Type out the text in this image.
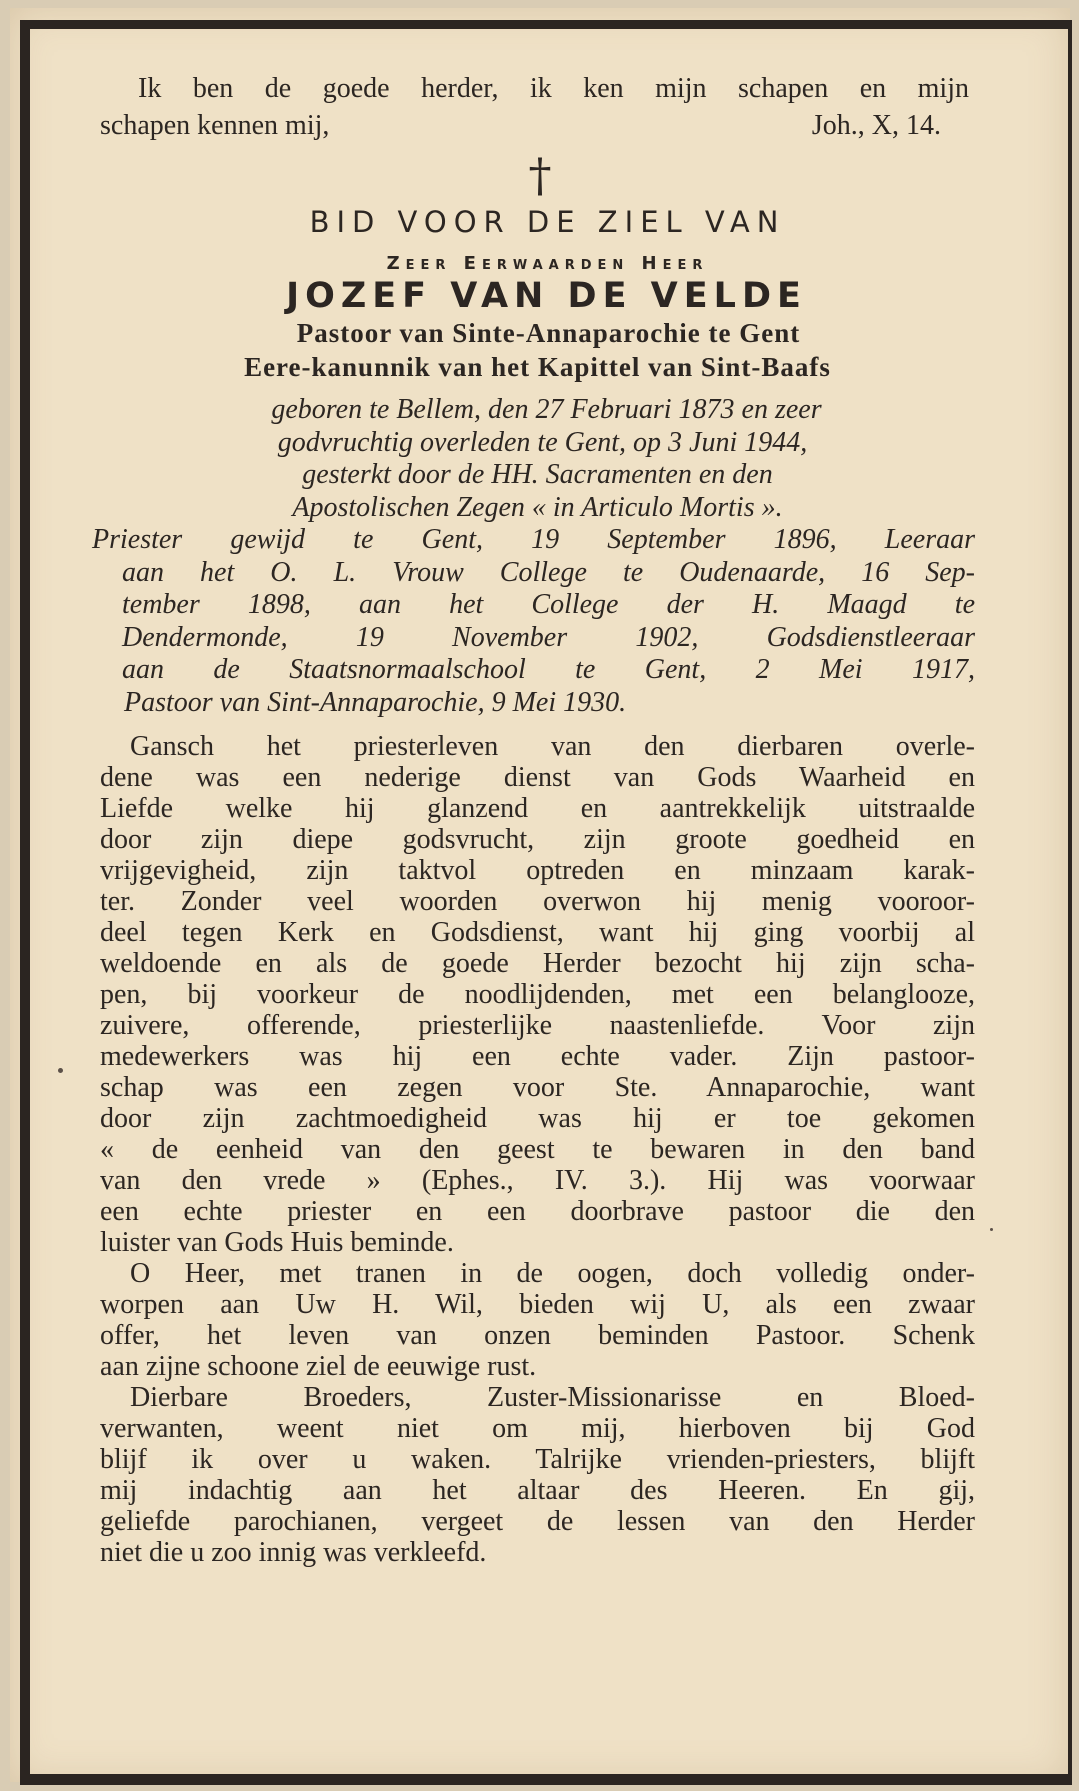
Ik ben de goede herder, ik ken mijn schapen en mijn
schapen kennen mij,	Joh., X, 14.
†
BID VOOR DE ZIEL VAN
Zeer Eerwaarden Heer
JOZEF VAN DE VELDE
Pastoor van Sinte-Annaparochie te Gent
Eere-kanunnik van het Kapittel van Sint-Baafs
geboren te Bellem, den 27 Februari 1873 en zeer
godvruchtig overleden te Gent, op 3 Juni 1944,
gesterkt door de HH. Sacramenten en den
Apostolischen Zegen « in Articulo Mortis ».
Priester gewijd te Gent, 19 September 1896, Leeraar
aan het O. L. Vrouw College te Oudenaarde, 16 Sep-
tember 1898, aan het College der H. Maagd te
Dendermonde, 19 November 1902, Godsdienstleeraar
aan de Staatsnormaalschool te Gent, 2 Mei 1917,
Pastoor van Sint-Annaparochie, 9 Mei 1930.
Gansch het priesterleven van den dierbaren overle-
dene was een nederige dienst van Gods Waarheid en
Liefde welke hij glanzend en aantrekkelijk uitstraalde
door zijn diepe godsvrucht, zijn groote goedheid en
vrijgevigheid, zijn taktvol optreden en minzaam karak-
ter. Zonder veel woorden overwon hij menig vooroor-
deel tegen Kerk en Godsdienst, want hij ging voorbij al
weldoende en als de goede Herder bezocht hij zijn scha-
pen, bij voorkeur de noodlijdenden, met een belanglooze,
zuivere, offerende, priesterlijke naastenliefde. Voor zijn
medewerkers was hij een echte vader. Zijn pastoor-
schap was een zegen voor Ste. Annaparochie, want
door zijn zachtmoedigheid was hij er toe gekomen
« de eenheid van den geest te bewaren in den band
van den vrede » (Ephes., IV. 3.). Hij was voorwaar
een echte priester en een doorbrave pastoor die den
luister van Gods Huis beminde.
O Heer, met tranen in de oogen, doch volledig onder-
worpen aan Uw H. Wil, bieden wij U, als een zwaar
offer, het leven van onzen beminden Pastoor. Schenk
aan zijne schoone ziel de eeuwige rust.
Dierbare Broeders, Zuster-Missionarisse en Bloed-
verwanten, weent niet om mij, hierboven bij God
blijf ik over u waken. Talrijke vrienden-priesters, blijft
mij indachtig aan het altaar des Heeren. En gij,
geliefde parochianen, vergeet de lessen van den Herder
niet die u zoo innig was verkleefd.
